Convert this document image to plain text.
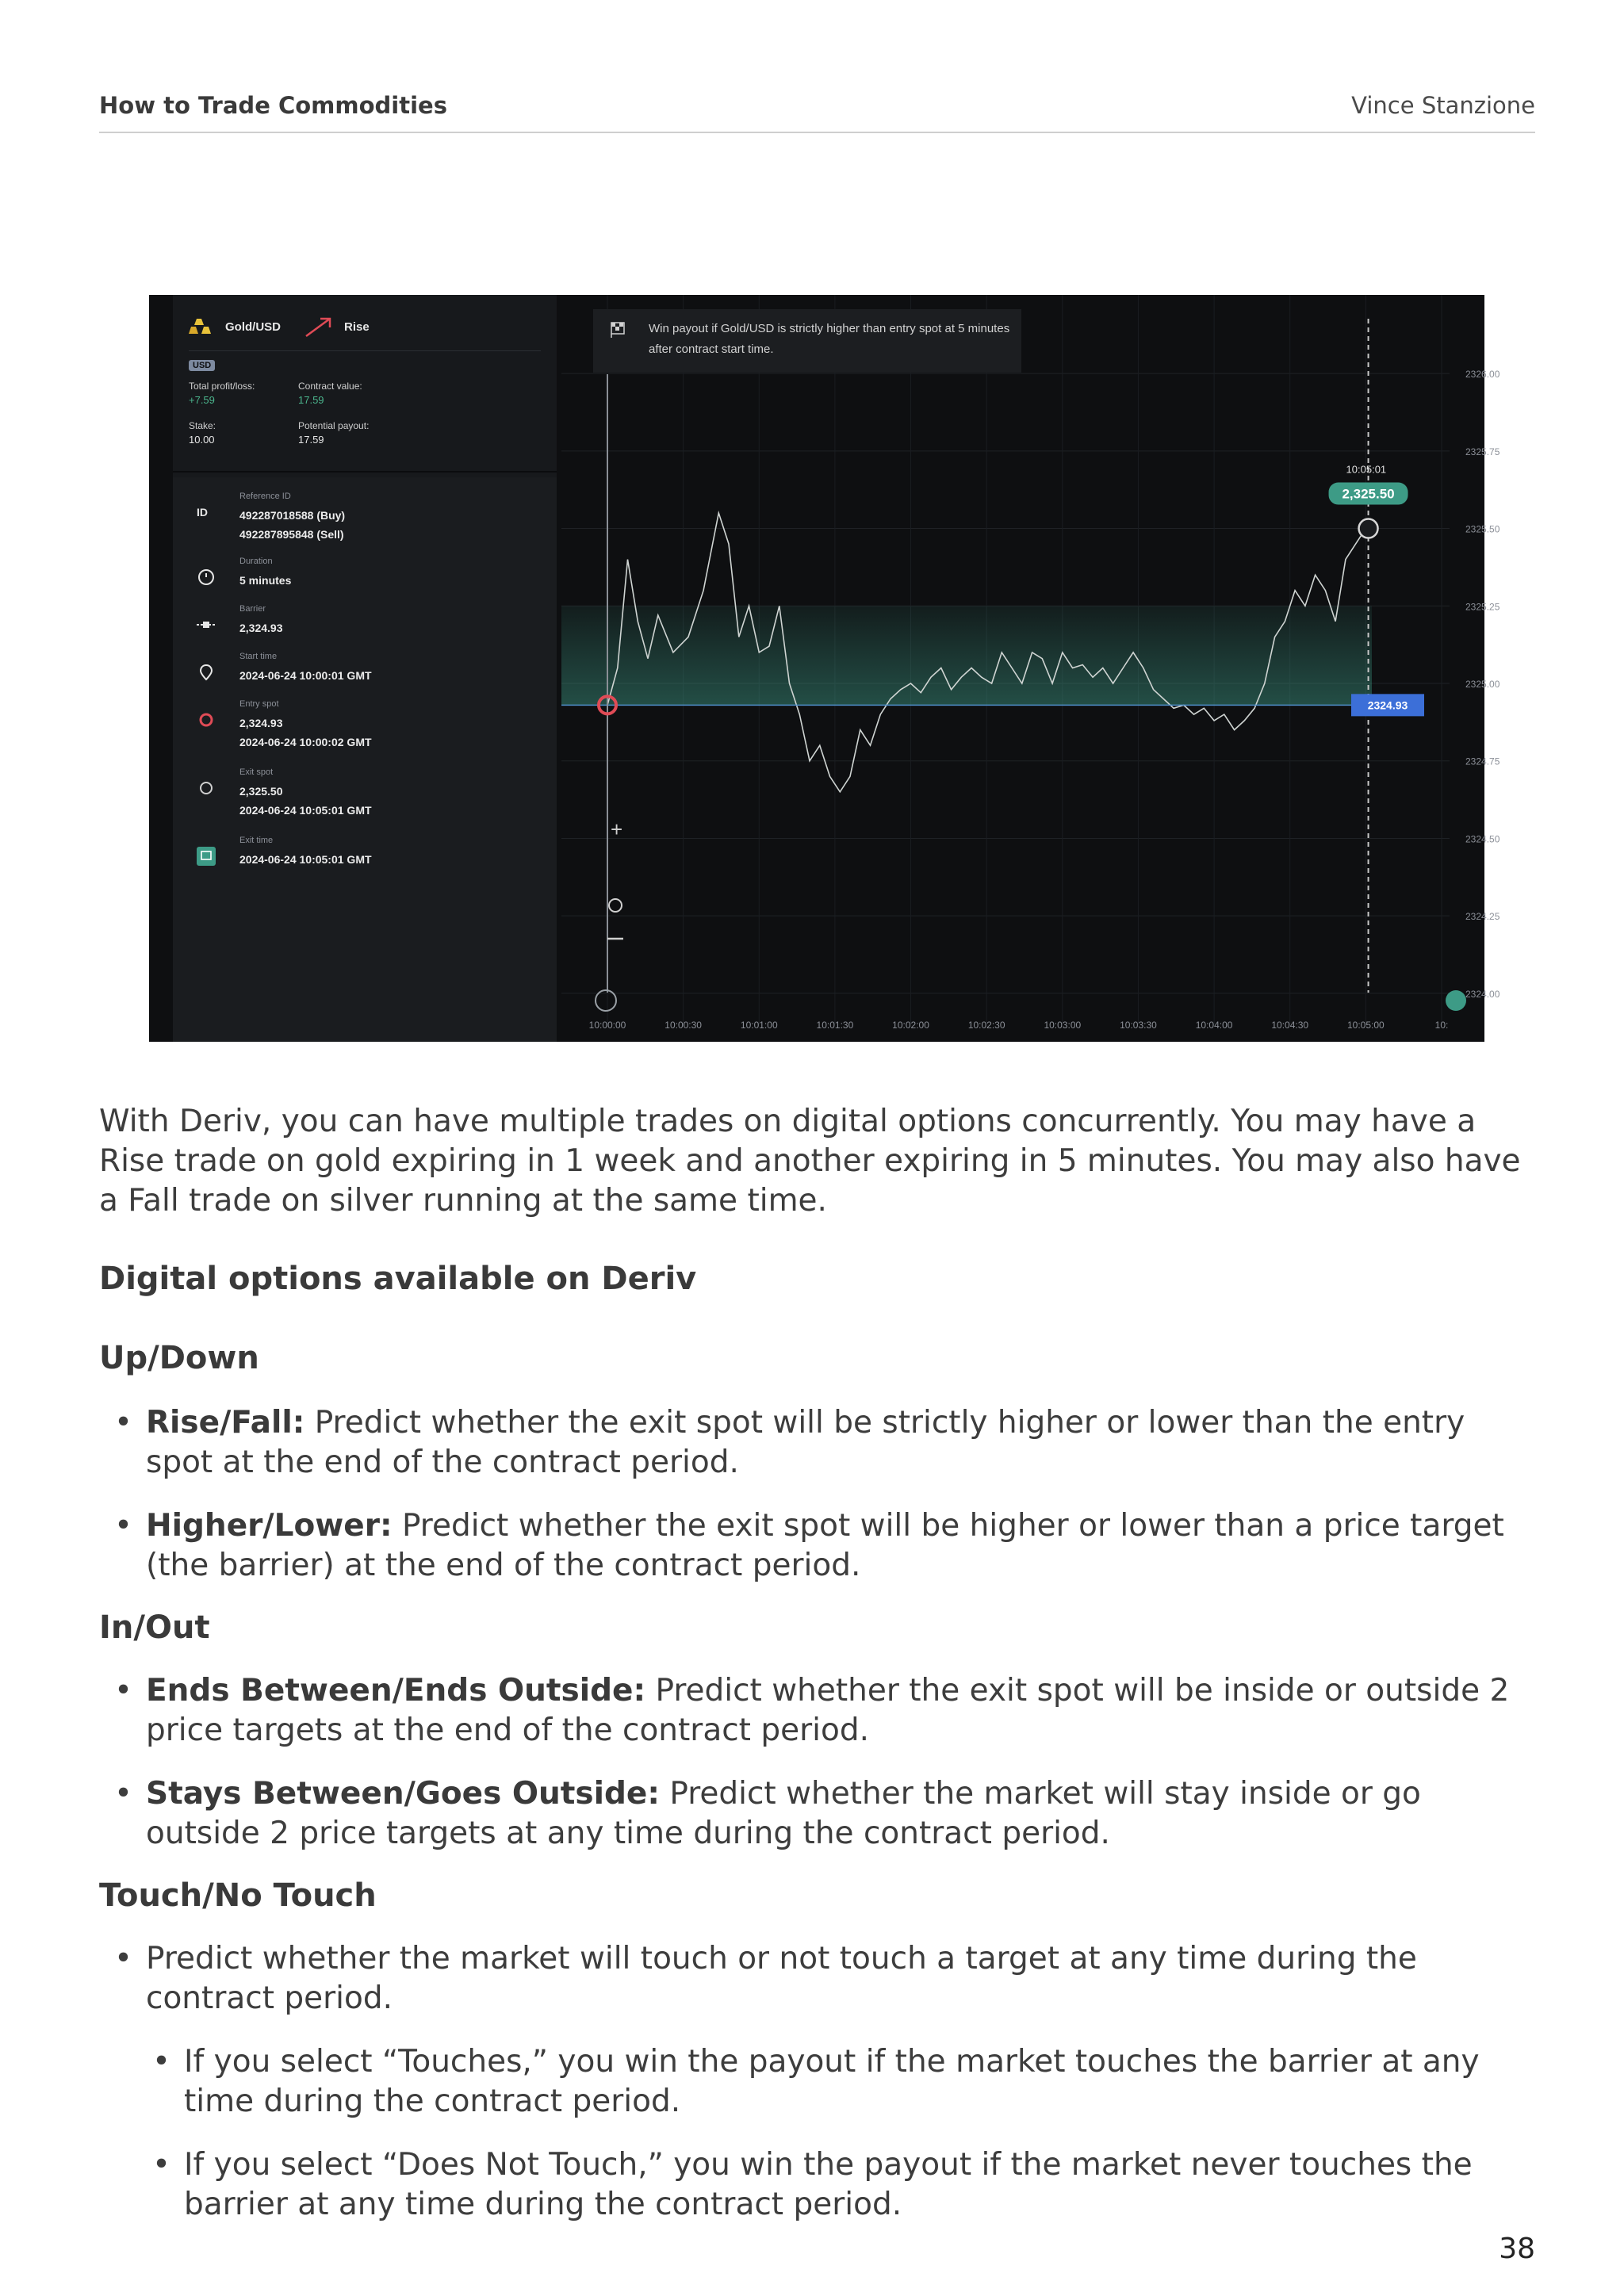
How to Trade Commodities	Vince Stanzione
Gold/USD	Rise
USD
Total profit/loss:
+7.59
Contract value:
17.59
Stake:
10.00
Potential payout:
17.59
ID
Reference ID
492287018588 (Buy)
492287895848 (Sell)
Duration
5 minutes
Barrier
2,324.93
Start time
2024-06-24 10:00:01 GMT
Entry spot
2,324.93
2024-06-24 10:00:02 GMT
Exit spot
2,325.50
2024-06-24 10:05:01 GMT
Exit time
2024-06-24 10:05:01 GMT
2326.00
2325.75
2325.50
2325.25
2325.00
2324.75
2324.50
2324.25
2324.00
10:00:00	10:00:30	10:01:00	10:01:30	10:02:00	10:02:30	10:03:00	10:03:30	10:04:00	10:04:30	10:05:00	10:
+
10:05:01
2,325.50
2324.93
Win payout if Gold/USD is strictly higher than entry spot at 5 minutes after contract start time.
With Deriv, you can have multiple trades on digital options concurrently. You may have a Rise trade on gold expiring in 1 week and another expiring in 5 minutes. You may also have a Fall trade on silver running at the same time.
Digital options available on Deriv
Up/Down
• Rise/Fall: Predict whether the exit spot will be strictly higher or lower than the entry spot at the end of the contract period.
• Higher/Lower: Predict whether the exit spot will be higher or lower than a price target (the barrier) at the end of the contract period.
In/Out
• Ends Between/Ends Outside: Predict whether the exit spot will be inside or outside 2 price targets at the end of the contract period.
• Stays Between/Goes Outside: Predict whether the market will stay inside or go outside 2 price targets at any time during the contract period.
Touch/No Touch
• Predict whether the market will touch or not touch a target at any time during the contract period.
• If you select “Touches,” you win the payout if the market touches the barrier at any time during the contract period.
• If you select “Does Not Touch,” you win the payout if the market never touches the barrier at any time during the contract period.
38
